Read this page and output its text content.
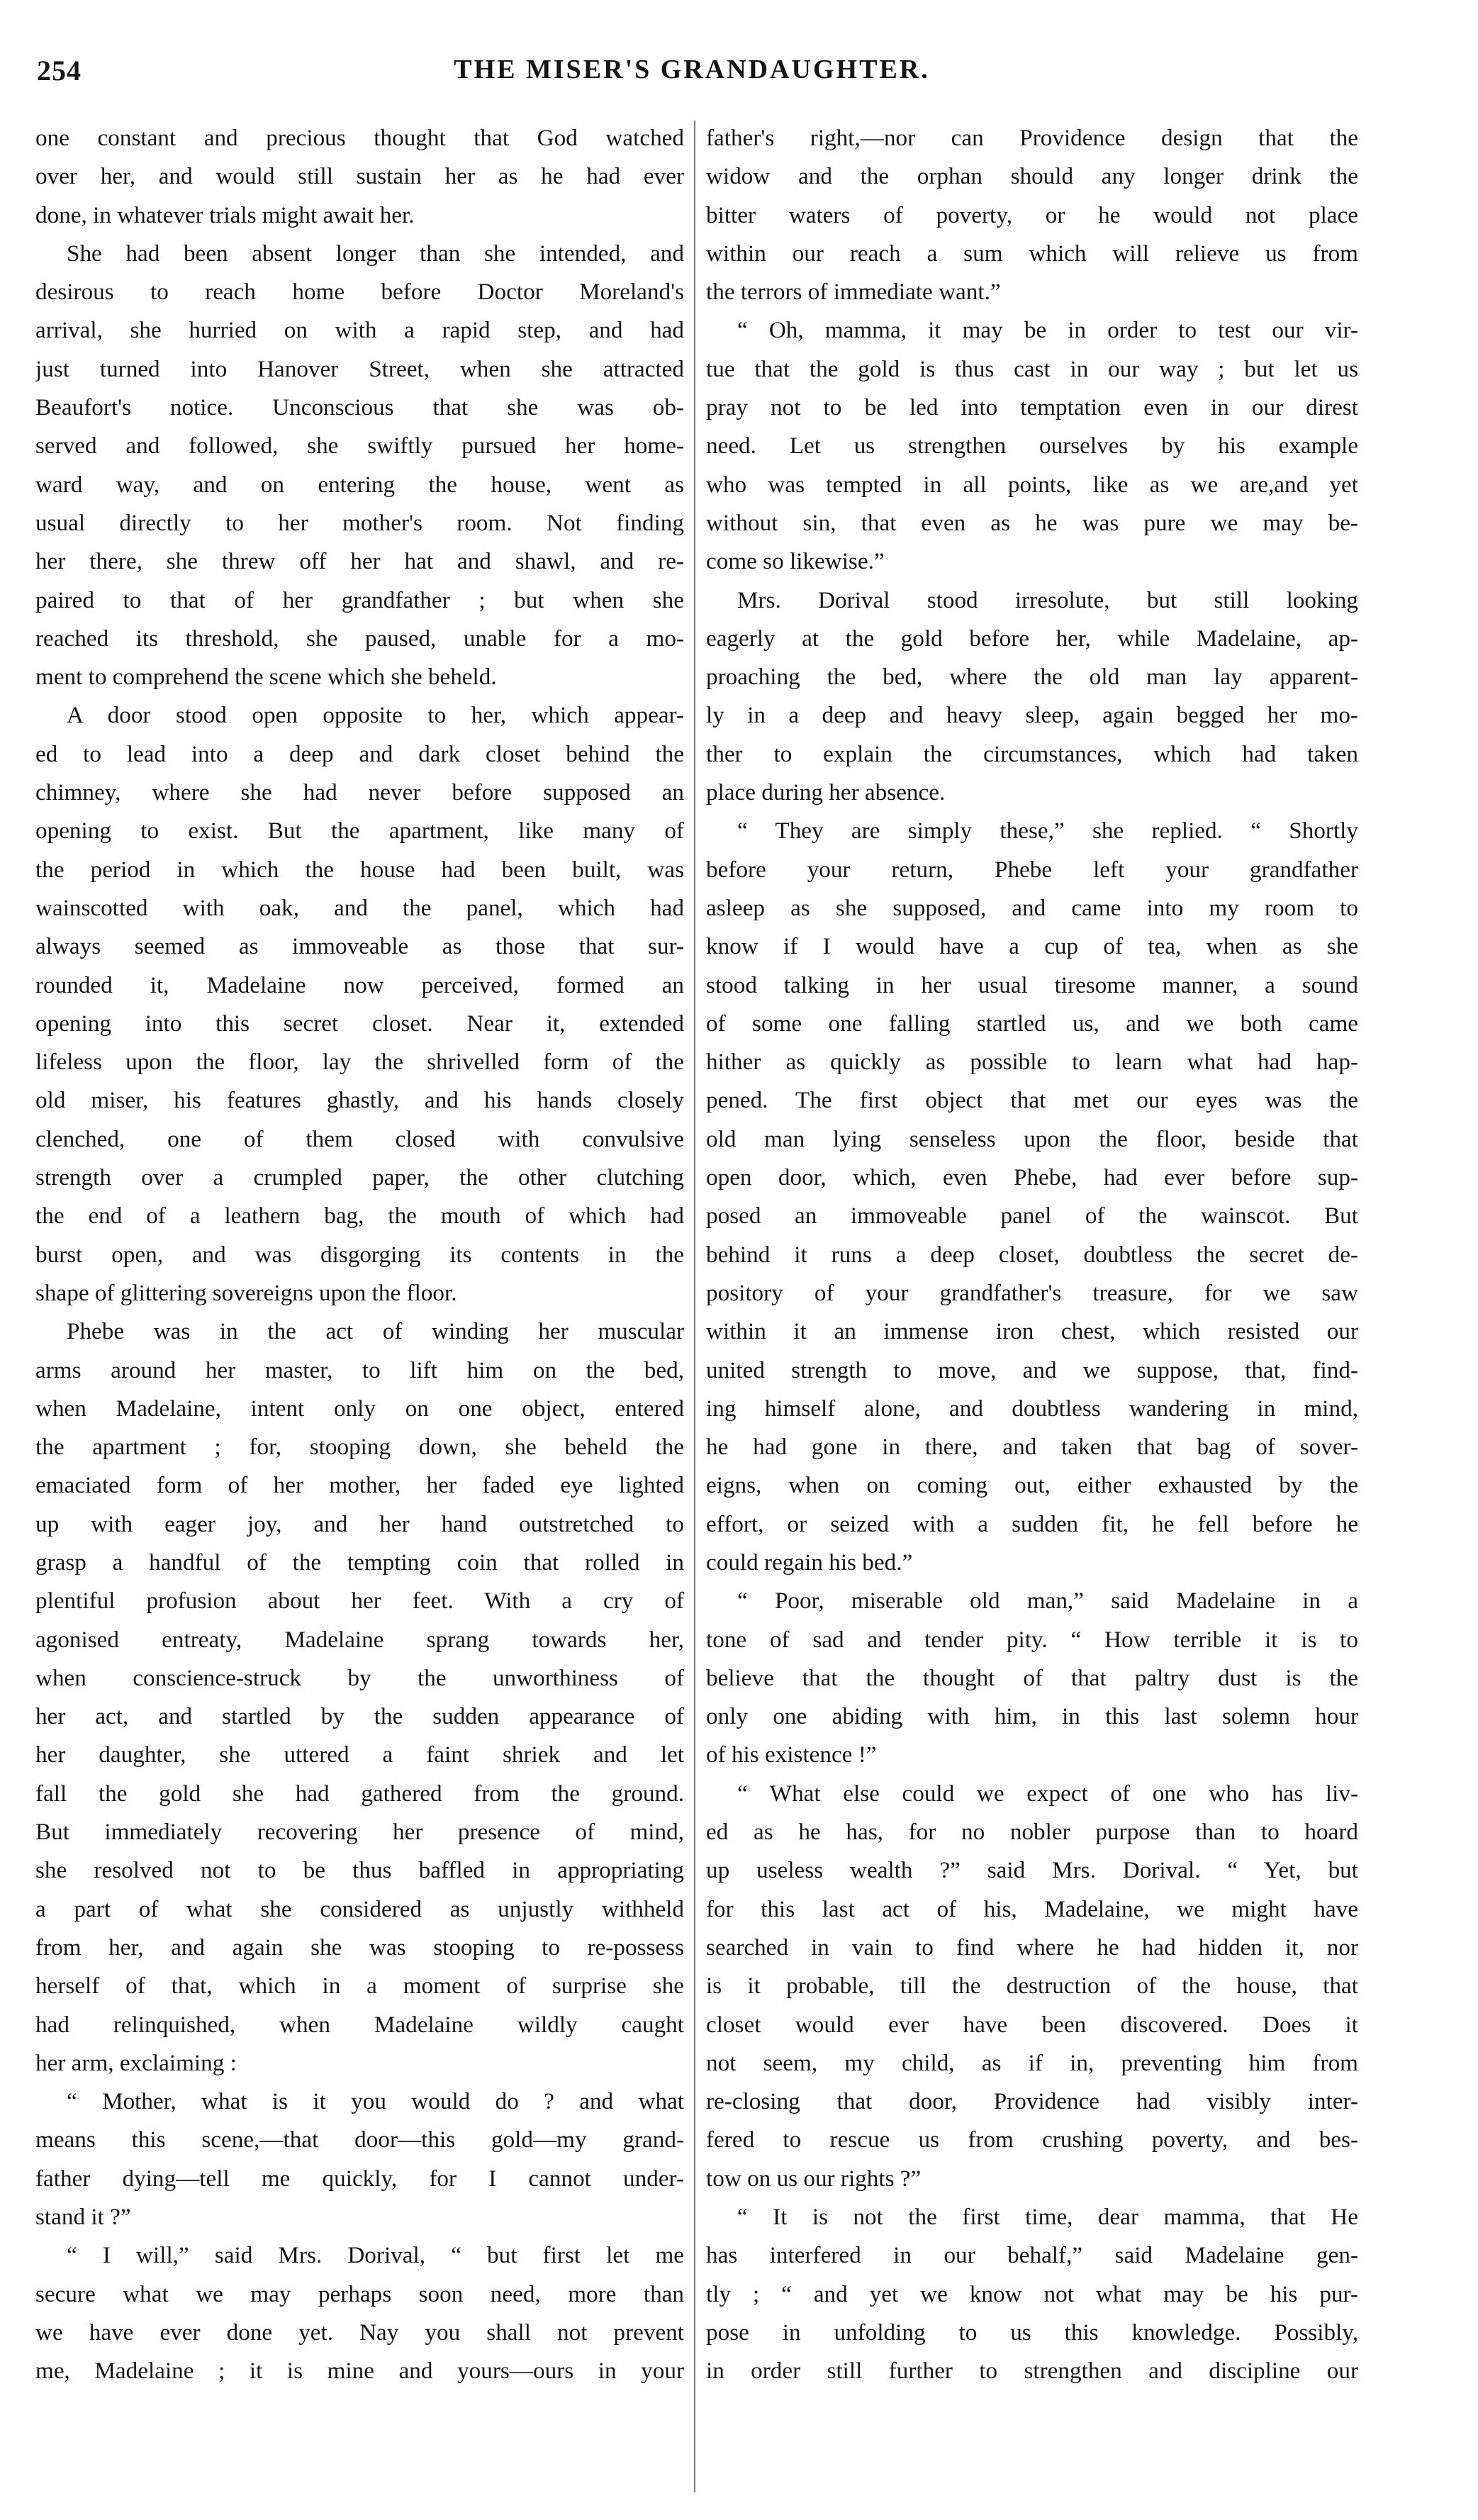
254	THE MISER'S GRANDAUGHTER.
one constant and precious thought that God watched
over her, and would still sustain her as he had ever
done, in whatever trials might await her.
She had been absent longer than she intended, and
desirous to reach home before Doctor Moreland's
arrival, she hurried on with a rapid step, and had
just turned into Hanover Street, when she attracted
Beaufort's notice. Unconscious that she was ob-
served and followed, she swiftly pursued her home-
ward way, and on entering the house, went as
usual directly to her mother's room. Not finding
her there, she threw off her hat and shawl, and re-
paired to that of her grandfather ; but when she
reached its threshold, she paused, unable for a mo-
ment to comprehend the scene which she beheld.
A door stood open opposite to her, which appear-
ed to lead into a deep and dark closet behind the
chimney, where she had never before supposed an
opening to exist. But the apartment, like many of
the period in which the house had been built, was
wainscotted with oak, and the panel, which had
always seemed as immoveable as those that sur-
rounded it, Madelaine now perceived, formed an
opening into this secret closet. Near it, extended
lifeless upon the floor, lay the shrivelled form of the
old miser, his features ghastly, and his hands closely
clenched, one of them closed with convulsive
strength over a crumpled paper, the other clutching
the end of a leathern bag, the mouth of which had
burst open, and was disgorging its contents in the
shape of glittering sovereigns upon the floor.
Phebe was in the act of winding her muscular
arms around her master, to lift him on the bed,
when Madelaine, intent only on one object, entered
the apartment ; for, stooping down, she beheld the
emaciated form of her mother, her faded eye lighted
up with eager joy, and her hand outstretched to
grasp a handful of the tempting coin that rolled in
plentiful profusion about her feet. With a cry of
agonised entreaty, Madelaine sprang towards her,
when conscience-struck by the unworthiness of
her act, and startled by the sudden appearance of
her daughter, she uttered a faint shriek and let
fall the gold she had gathered from the ground.
But immediately recovering her presence of mind,
she resolved not to be thus baffled in appropriating
a part of what she considered as unjustly withheld
from her, and again she was stooping to re-possess
herself of that, which in a moment of surprise she
had relinquished, when Madelaine wildly caught
her arm, exclaiming :
“ Mother, what is it you would do ? and what
means this scene,—that door—this gold—my grand-
father dying—tell me quickly, for I cannot under-
stand it ?”
“ I will,” said Mrs. Dorival, “ but first let me
secure what we may perhaps soon need, more than
we have ever done yet. Nay you shall not prevent
me, Madelaine ; it is mine and yours—ours in your
father's right,—nor can Providence design that the
widow and the orphan should any longer drink the
bitter waters of poverty, or he would not place
within our reach a sum which will relieve us from
the terrors of immediate want.”
“ Oh, mamma, it may be in order to test our vir-
tue that the gold is thus cast in our way ; but let us
pray not to be led into temptation even in our direst
need. Let us strengthen ourselves by his example
who was tempted in all points, like as we are,and yet
without sin, that even as he was pure we may be-
come so likewise.”
Mrs. Dorival stood irresolute, but still looking
eagerly at the gold before her, while Madelaine, ap-
proaching the bed, where the old man lay apparent-
ly in a deep and heavy sleep, again begged her mo-
ther to explain the circumstances, which had taken
place during her absence.
“ They are simply these,” she replied. “ Shortly
before your return, Phebe left your grandfather
asleep as she supposed, and came into my room to
know if I would have a cup of tea, when as she
stood talking in her usual tiresome manner, a sound
of some one falling startled us, and we both came
hither as quickly as possible to learn what had hap-
pened. The first object that met our eyes was the
old man lying senseless upon the floor, beside that
open door, which, even Phebe, had ever before sup-
posed an immoveable panel of the wainscot. But
behind it runs a deep closet, doubtless the secret de-
pository of your grandfather's treasure, for we saw
within it an immense iron chest, which resisted our
united strength to move, and we suppose, that, find-
ing himself alone, and doubtless wandering in mind,
he had gone in there, and taken that bag of sover-
eigns, when on coming out, either exhausted by the
effort, or seized with a sudden fit, he fell before he
could regain his bed.”
“ Poor, miserable old man,” said Madelaine in a
tone of sad and tender pity. “ How terrible it is to
believe that the thought of that paltry dust is the
only one abiding with him, in this last solemn hour
of his existence !”
“ What else could we expect of one who has liv-
ed as he has, for no nobler purpose than to hoard
up useless wealth ?” said Mrs. Dorival. “ Yet, but
for this last act of his, Madelaine, we might have
searched in vain to find where he had hidden it, nor
is it probable, till the destruction of the house, that
closet would ever have been discovered. Does it
not seem, my child, as if in, preventing him from
re-closing that door, Providence had visibly inter-
fered to rescue us from crushing poverty, and bes-
tow on us our rights ?”
“ It is not the first time, dear mamma, that He
has interfered in our behalf,” said Madelaine gen-
tly ; “ and yet we know not what may be his pur-
pose in unfolding to us this knowledge. Possibly,
in order still further to strengthen and discipline our
